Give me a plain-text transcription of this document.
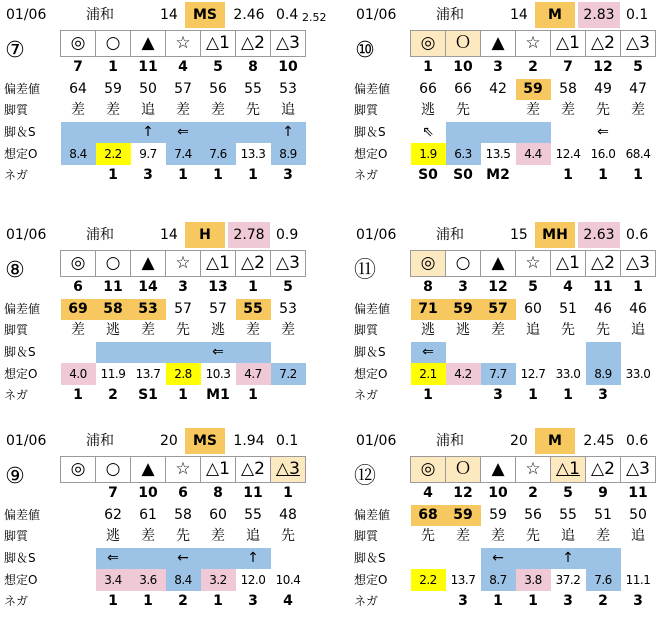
01/06	浦和	14	MS	2.46 0.4 2.52
⑦
		◎	○	▲	☆	△1	△2	△3
	7	1	11	4	5	8	10
偏差値	64	59	50	57	56	55	53
脚質	差	差	追	差	差	先	追
脚＆S			↑	⇐			↑
想定O	8.4	2.2	9.7	7.4	7.6	13.3	8.9
ネガ		1	3	1	1	1	3
01/06	浦和	14	M	2.83 0.1
⑩
		◎	Ｏ	▲	☆	△1	△2	△3
	1	10	3	2	7	12	5
偏差値	66	66	42	59	58	49	47
脚質	逃	先		差	差	先	差
脚＆S	⇖					⇐	
想定O	1.9	6.3	13.5	4.4	12.4	16.0	68.4
ネガ	S0	S0	M2		1	1	1
01/06	浦和	14	H	2.78 0.9
⑧
		◎	○	▲	☆	△1	△2	△3
	6	11	14	3	13	1	5
偏差値	69	58	53	57	57	55	53
脚質	差	逃	差	先	逃	差	差
脚＆S					⇐		
想定O	4.0	11.9	13.7	2.8	10.3	4.7	7.2
ネガ	1	2	S1	1	M1	1	
01/06	浦和	15	MH	2.63 0.6
⑪
		◎	○	▲	☆	△1	△2	△3
	8	3	12	5	4	11	1
偏差値	71	59	57	60	51	46	46
脚質	逃	逃	差	追	先	先	追
脚＆S	⇐						
想定O	2.1	4.2	7.7	12.7	33.0	8.9	33.0
ネガ	1		3	1	1	3	
01/06	浦和	20	MS	1.94 0.1
⑨
		◎	○	▲	☆	△1	△2	△3
		7	10	6	8	11	1
偏差値		62	61	58	60	55	48
脚質		逃	差	先	差	追	先
脚＆S		⇐		←		↑	
想定O		3.4	3.6	8.4	3.2	12.0	10.4
ネガ		1	1	2	1	3	4
01/06	浦和	20	M	2.45 0.6
⑫
		◎	Ｏ	▲	☆	△1	△2	△3
	4	12	10	2	5	9	11
偏差値	68	59	59	56	55	51	50
脚質	先	差	差	先	追	差	追
脚＆S			←		↑		
想定O	2.2	13.7	8.7	3.8	37.2	7.6	11.1
ネガ		3	1	1	3	2	3
